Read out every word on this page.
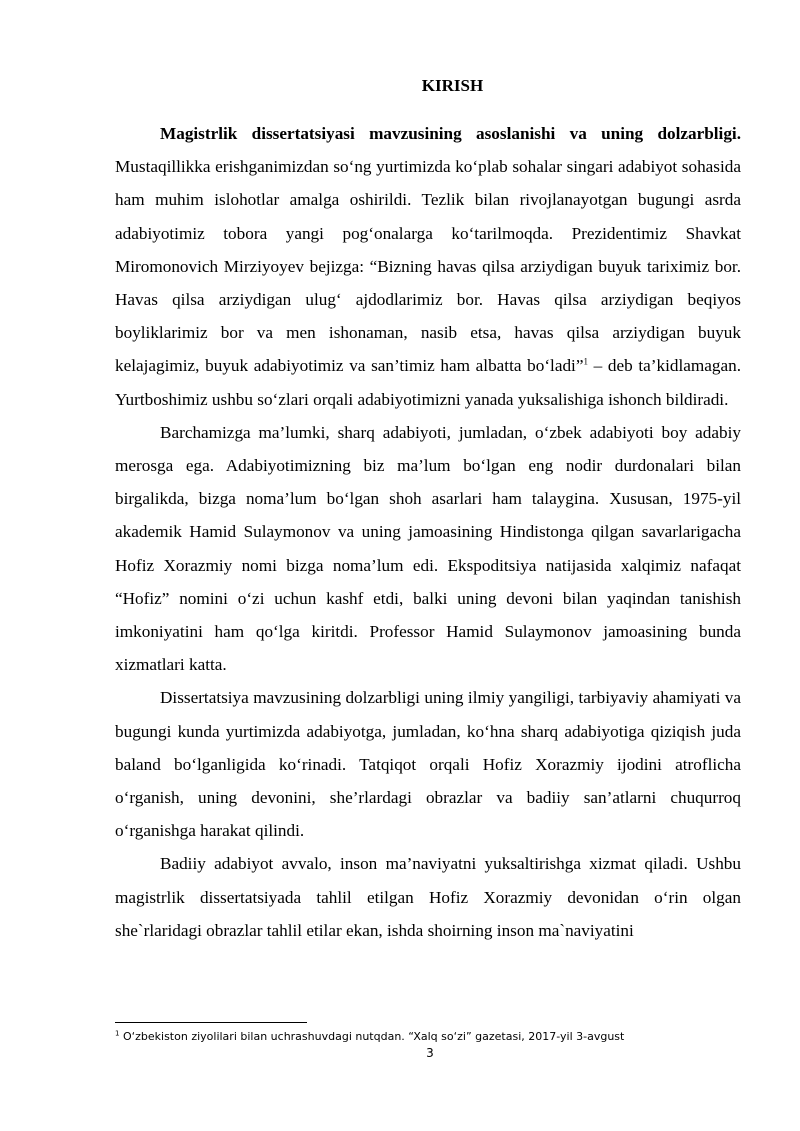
KIRISH

Magistrlik dissertatsiyasi mavzusining asoslanishi va uning dolzarbligi. Mustaqillikka erishganimizdan so‘ng yurtimizda ko‘plab sohalar singari adabiyot sohasida ham muhim islohotlar amalga oshirildi. Tezlik bilan rivojlanayotgan bugungi asrda adabiyotimiz tobora yangi pog‘onalarga ko‘tarilmoqda. Prezidentimiz Shavkat Miromonovich Mirziyoyev bejizga: “Bizning havas qilsa arziydigan buyuk tariximiz bor. Havas qilsa arziydigan ulug‘ ajdodlarimiz bor. Havas qilsa arziydigan beqiyos boyliklarimiz bor va men ishonaman, nasib etsa, havas qilsa arziydigan buyuk kelajagimiz, buyuk adabiyotimiz va san’timiz ham albatta bo‘ladi”$^1$ – deb ta’kidlamagan. Yurtboshimiz ushbu so‘zlari orqali adabiyotimizni yanada yuksalishiga ishonch bildiradi.

Barchamizga ma’lumki, sharq adabiyoti, jumladan, o‘zbek adabiyoti boy adabiy merosga ega. Adabiyotimizning biz ma’lum bo‘lgan eng nodir durdonalari bilan birgalikda, bizga noma’lum bo‘lgan shoh asarlari ham talaygina. Xususan, 1975-yil akademik Hamid Sulaymonov va uning jamoasining Hindistonga qilgan savarlarigacha Hofiz Xorazmiy nomi bizga noma’lum edi. Ekspoditsiya natijasida xalqimiz nafaqat “Hofiz” nomini o‘zi uchun kashf etdi, balki uning devoni bilan yaqindan tanishish imkoniyatini ham qo‘lga kiritdi. Professor Hamid Sulaymonov jamoasining bunda xizmatlari katta.

Dissertatsiya mavzusining dolzarbligi uning ilmiy yangiligi, tarbiyaviy ahamiyati va bugungi kunda yurtimizda adabiyotga, jumladan, ko‘hna sharq adabiyotiga qiziqish juda baland bo‘lganligida ko‘rinadi. Tatqiqot orqali Hofiz Xorazmiy ijodini atroflicha o‘rganish, uning devonini, she’rlardagi obrazlar va badiiy san’atlarni chuqurroq o‘rganishga harakat qilindi.

Badiiy adabiyot avvalo, inson ma’naviyatni yuksaltirishga xizmat qiladi. Ushbu magistrlik dissertatsiyada tahlil etilgan Hofiz Xorazmiy devonidan o‘rin olgan she`rlaridagi obrazlar tahlil etilar ekan, ishda shoirning inson ma`naviyatini

$^1$ O‘zbekiston ziyolilari bilan uchrashuvdagi nutqdan. “Xalq so‘zi” gazetasi, 2017-yil 3-avgust
3
